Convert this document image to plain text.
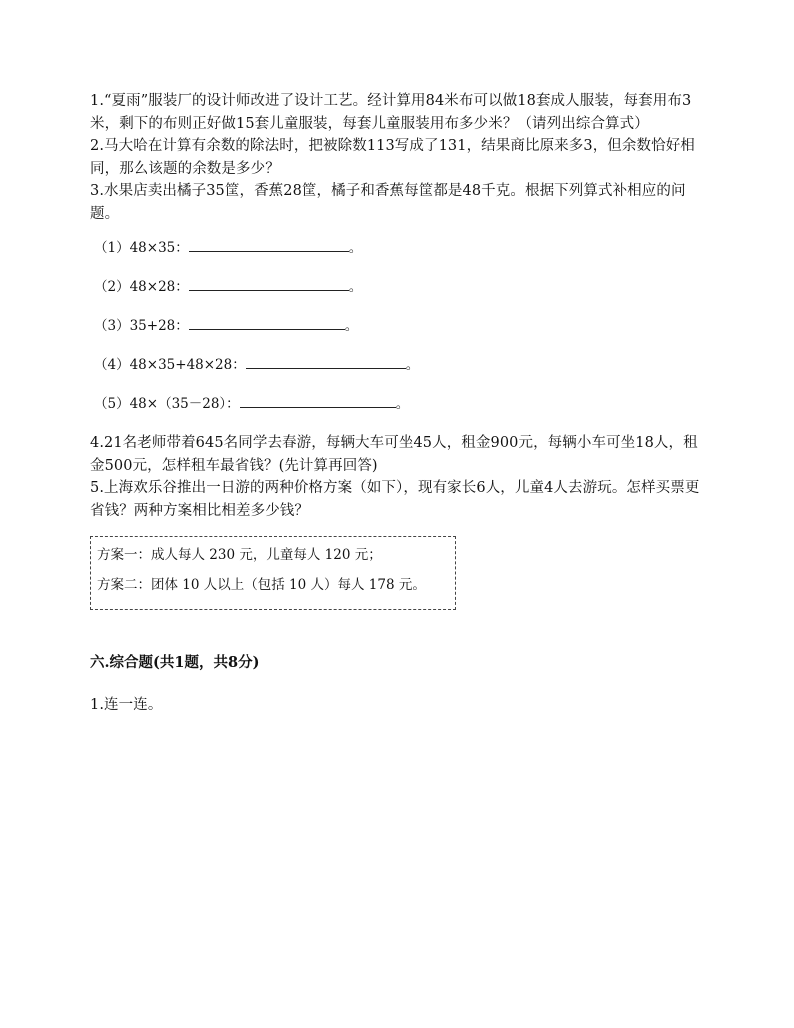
1.“夏雨”服装厂的设计师改进了设计工艺。经计算用84米布可以做18套成人服装，每套用布3米，剩下的布则正好做15套儿童服装，每套儿童服装用布多少米？（请列出综合算式）

2.马大哈在计算有余数的除法时，把被除数113写成了131，结果商比原来多3，但余数恰好相同，那么该题的余数是多少？

3.水果店卖出橘子35筐，香蕉28筐，橘子和香蕉每筐都是48千克。根据下列算式补相应的问题。

（1）48×35：	。

（2）48×28：	。

（3）35+28：	。

（4）48×35+48×28：	。

（5）48×（35－28）：	。

4.21名老师带着645名同学去春游，每辆大车可坐45人，租金900元，每辆小车可坐18人，租金500元，怎样租车最省钱？(先计算再回答)

5.上海欢乐谷推出一日游的两种价格方案（如下），现有家长6人，儿童4人去游玩。怎样买票更省钱？两种方案相比相差多少钱？

方案一：成人每人 230 元，儿童每人 120 元；

方案二：团体 10 人以上（包括 10 人）每人 178 元。

六.综合题(共1题，共8分)

1.连一连。
